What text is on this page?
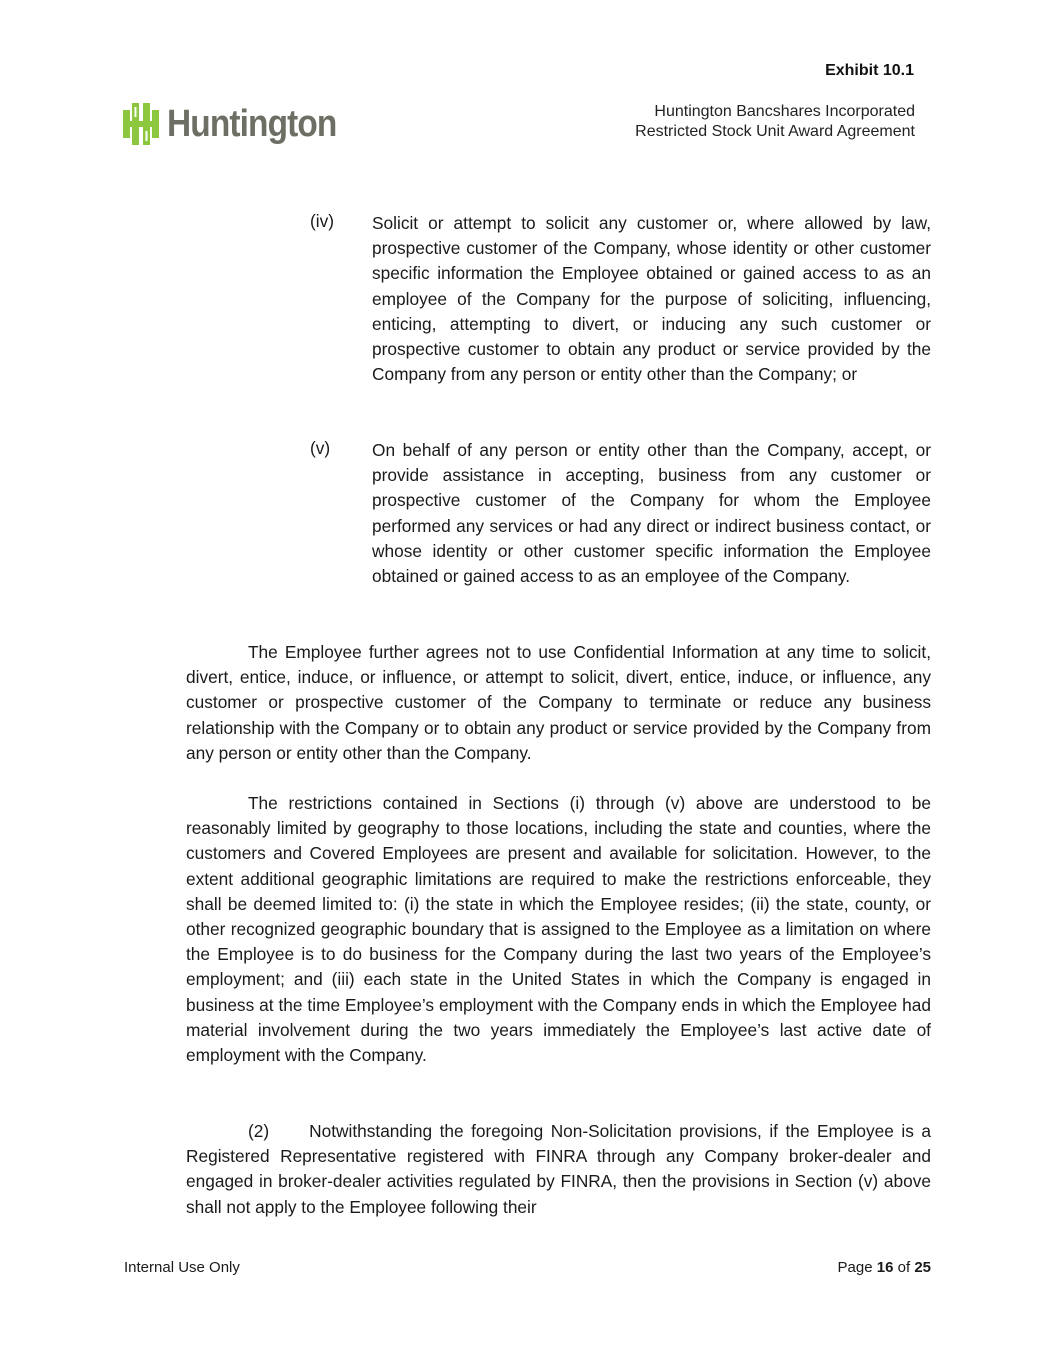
Exhibit 10.1
Huntington	Huntington Bancshares Incorporated
Restricted Stock Unit Award Agreement
(iv) Solicit or attempt to solicit any customer or, where allowed by law, prospective customer of the Company, whose identity or other customer specific information the Employee obtained or gained access to as an employee of the Company for the purpose of soliciting, influencing, enticing, attempting to divert, or inducing any such customer or prospective customer to obtain any product or service provided by the Company from any person or entity other than the Company; or
(v) On behalf of any person or entity other than the Company, accept, or provide assistance in accepting, business from any customer or prospective customer of the Company for whom the Employee performed any services or had any direct or indirect business contact, or whose identity or other customer specific information the Employee obtained or gained access to as an employee of the Company.

The Employee further agrees not to use Confidential Information at any time to solicit, divert, entice, induce, or influence, or attempt to solicit, divert, entice, induce, or influence, any customer or prospective customer of the Company to terminate or reduce any business relationship with the Company or to obtain any product or service provided by the Company from any person or entity other than the Company.

The restrictions contained in Sections (i) through (v) above are understood to be reasonably limited by geography to those locations, including the state and counties, where the customers and Covered Employees are present and available for solicitation. However, to the extent additional geographic limitations are required to make the restrictions enforceable, they shall be deemed limited to: (i) the state in which the Employee resides; (ii) the state, county, or other recognized geographic boundary that is assigned to the Employee as a limitation on where the Employee is to do business for the Company during the last two years of the Employee’s employment; and (iii) each state in the United States in which the Company is engaged in business at the time Employee’s employment with the Company ends in which the Employee had material involvement during the two years immediately the Employee’s last active date of employment with the Company.

(2) Notwithstanding the foregoing Non-Solicitation provisions, if the Employee is a Registered Representative registered with FINRA through any Company broker-dealer and engaged in broker-dealer activities regulated by FINRA, then the provisions in Section (v) above shall not apply to the Employee following their

Internal Use Only	Page 16 of 25
